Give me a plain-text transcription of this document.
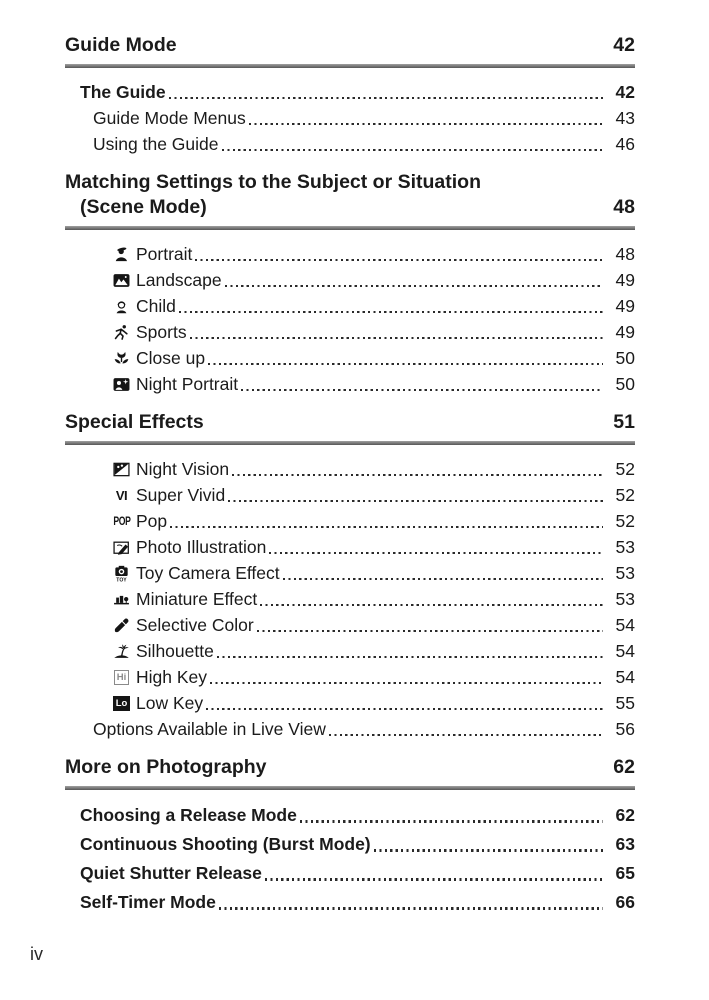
Guide Mode	42
The Guide	42
Guide Mode Menus	43
Using the Guide	46
Matching Settings to the Subject or Situation
(Scene Mode)	48
Portrait	48
Landscape	49
Child	49
Sports	49
Close up	50
Night Portrait	50
Special Effects	51
Night Vision	52
VI Super Vivid	52
POP Pop	52
Photo Illustration	53
TOY Toy Camera Effect	53
Miniature Effect	53
Selective Color	54
Silhouette	54
Hi High Key	54
Lo Low Key	55
Options Available in Live View	56
More on Photography	62
Choosing a Release Mode	62
Continuous Shooting (Burst Mode)	63
Quiet Shutter Release	65
Self-Timer Mode	66
iv
